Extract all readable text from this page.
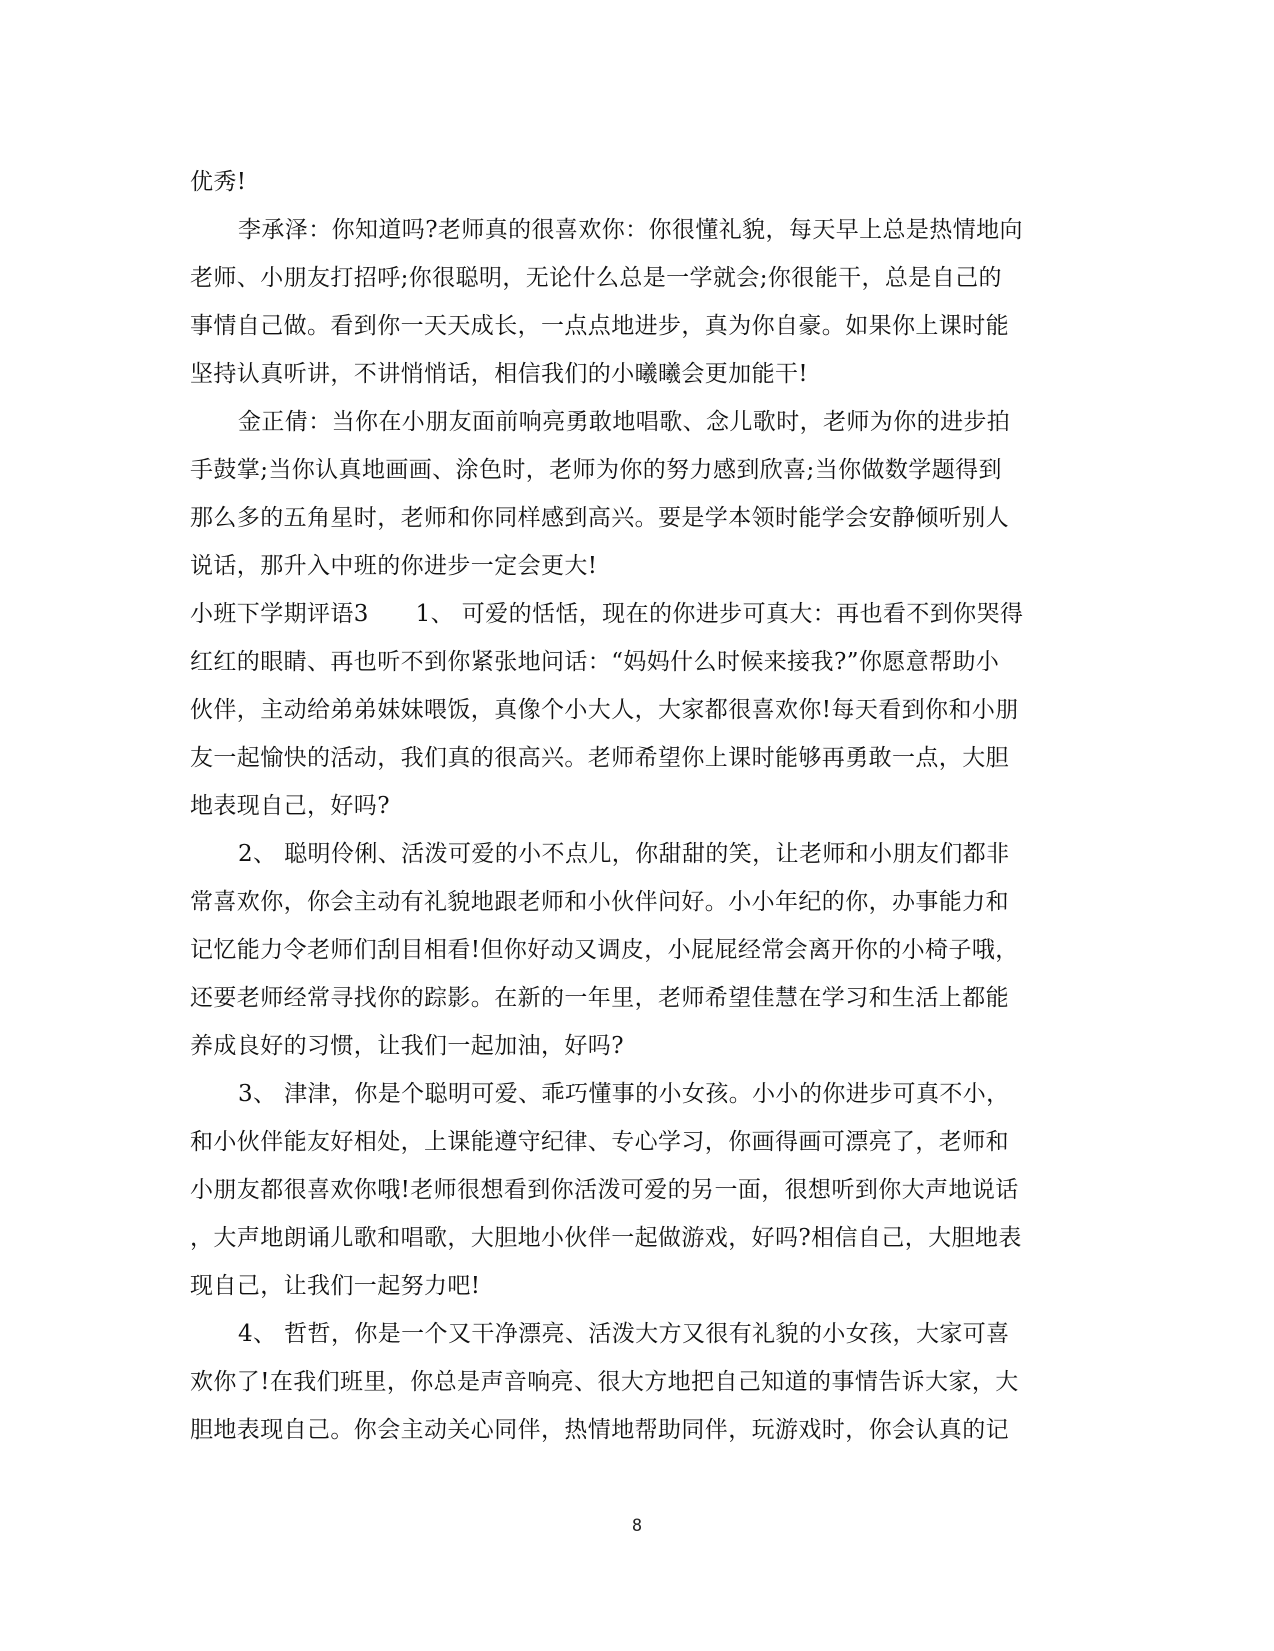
优秀!
李承泽：你知道吗?老师真的很喜欢你：你很懂礼貌，每天早上总是热情地向
老师、小朋友打招呼;你很聪明，无论什么总是一学就会;你很能干，总是自己的
事情自己做。看到你一天天成长，一点点地进步，真为你自豪。如果你上课时能
坚持认真听讲，不讲悄悄话，相信我们的小曦曦会更加能干!
金正倩：当你在小朋友面前响亮勇敢地唱歌、念儿歌时，老师为你的进步拍
手鼓掌;当你认真地画画、涂色时，老师为你的努力感到欣喜;当你做数学题得到
那么多的五角星时，老师和你同样感到高兴。要是学本领时能学会安静倾听别人
说话，那升入中班的你进步一定会更大!
小班下学期评语3　　1、 可爱的恬恬，现在的你进步可真大：再也看不到你哭得
红红的眼睛、再也听不到你紧张地问话：“妈妈什么时候来接我?”你愿意帮助小
伙伴，主动给弟弟妹妹喂饭，真像个小大人，大家都很喜欢你!每天看到你和小朋
友一起愉快的活动，我们真的很高兴。老师希望你上课时能够再勇敢一点，大胆
地表现自己，好吗?
2、 聪明伶俐、活泼可爱的小不点儿，你甜甜的笑，让老师和小朋友们都非
常喜欢你，你会主动有礼貌地跟老师和小伙伴问好。小小年纪的你，办事能力和
记忆能力令老师们刮目相看!但你好动又调皮，小屁屁经常会离开你的小椅子哦，
还要老师经常寻找你的踪影。在新的一年里，老师希望佳慧在学习和生活上都能
养成良好的习惯，让我们一起加油，好吗?
3、 津津，你是个聪明可爱、乖巧懂事的小女孩。小小的你进步可真不小，
和小伙伴能友好相处，上课能遵守纪律、专心学习，你画得画可漂亮了，老师和
小朋友都很喜欢你哦!老师很想看到你活泼可爱的另一面，很想听到你大声地说话
，大声地朗诵儿歌和唱歌，大胆地小伙伴一起做游戏，好吗?相信自己，大胆地表
现自己，让我们一起努力吧!
4、 哲哲，你是一个又干净漂亮、活泼大方又很有礼貌的小女孩，大家可喜
欢你了!在我们班里，你总是声音响亮、很大方地把自己知道的事情告诉大家，大
胆地表现自己。你会主动关心同伴，热情地帮助同伴，玩游戏时，你会认真的记
8
